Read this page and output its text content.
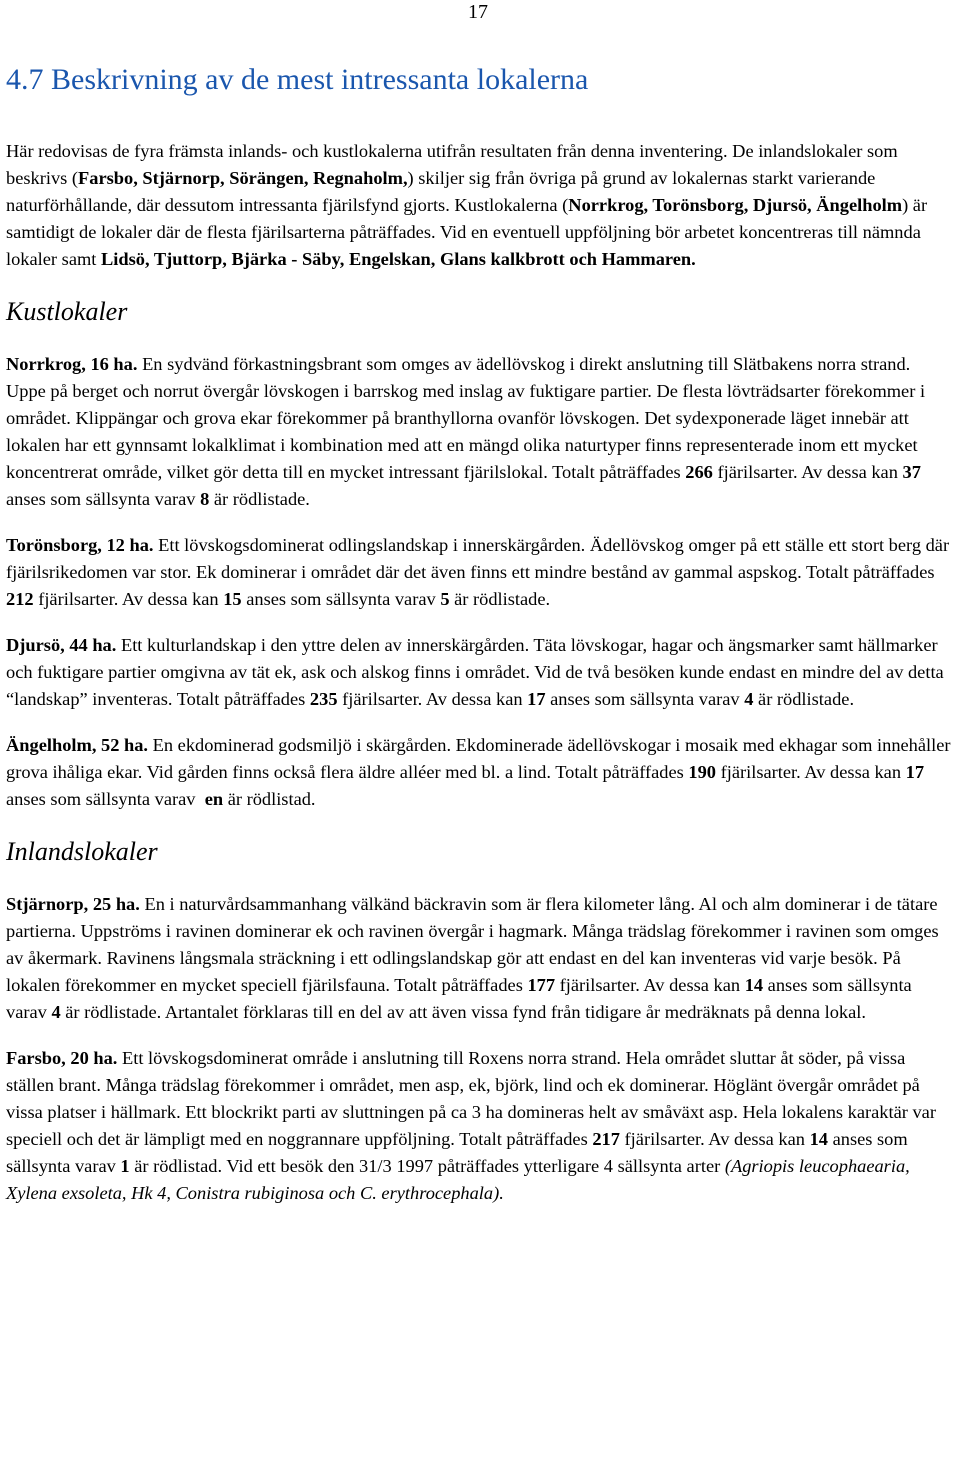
17
4.7 Beskrivning av de mest intressanta lokalerna

Här redovisas de fyra främsta inlands- och kustlokalerna utifrån resultaten från denna inventering. De inlandslokaler som beskrivs (Farsbo, Stjärnorp, Sörängen, Regnaholm,) skiljer sig från övriga på grund av lokalernas starkt varierande naturförhållande, där dessutom intressanta fjärilsfynd gjorts. Kustlokalerna (Norrkrog, Torönsborg, Djursö, Ängelholm) är samtidigt de lokaler där de flesta fjärilsarterna påträffades. Vid en eventuell uppföljning bör arbetet koncentreras till nämnda lokaler samt Lidsö, Tjuttorp, Bjärka - Säby, Engelskan, Glans kalkbrott och Hammaren.

Kustlokaler

Norrkrog, 16 ha. En sydvänd förkastningsbrant som omges av ädellövskog i direkt anslutning till Slätbakens norra strand. Uppe på berget och norrut övergår lövskogen i barrskog med inslag av fuktigare partier. De flesta lövträdsarter förekommer i området. Klippängar och grova ekar förekommer på branthyllorna ovanför lövskogen. Det sydexponerade läget innebär att lokalen har ett gynnsamt lokalklimat i kombination med att en mängd olika naturtyper finns representerade inom ett mycket koncentrerat område, vilket gör detta till en mycket intressant fjärilslokal. Totalt påträffades 266 fjärilsarter. Av dessa kan 37 anses som sällsynta varav 8 är rödlistade.

Torönsborg, 12 ha. Ett lövskogsdominerat odlingslandskap i innerskärgården. Ädellövskog omger på ett ställe ett stort berg där fjärilsrikedomen var stor. Ek dominerar i området där det även finns ett mindre bestånd av gammal aspskog. Totalt påträffades 212 fjärilsarter. Av dessa kan 15 anses som sällsynta varav 5 är rödlistade.

Djursö, 44 ha. Ett kulturlandskap i den yttre delen av innerskärgården. Täta lövskogar, hagar och ängsmarker samt hällmarker och fuktigare partier omgivna av tät ek, ask och alskog finns i området. Vid de två besöken kunde endast en mindre del av detta “landskap” inventeras. Totalt påträffades 235 fjärilsarter. Av dessa kan 17 anses som sällsynta varav 4 är rödlistade.

Ängelholm, 52 ha. En ekdominerad godsmiljö i skärgården. Ekdominerade ädellövskogar i mosaik med ekhagar som innehåller grova ihåliga ekar. Vid gården finns också flera äldre alléer med bl. a lind. Totalt påträffades 190 fjärilsarter. Av dessa kan 17 anses som sällsynta varav  en är rödlistad.

Inlandslokaler

Stjärnorp, 25 ha. En i naturvårdsammanhang välkänd bäckravin som är flera kilometer lång. Al och alm dominerar i de tätare partierna. Uppströms i ravinen dominerar ek och ravinen övergår i hagmark. Många trädslag förekommer i ravinen som omges av åkermark. Ravinens långsmala sträckning i ett odlingslandskap gör att endast en del kan inventeras vid varje besök. På lokalen förekommer en mycket speciell fjärilsfauna. Totalt påträffades 177 fjärilsarter. Av dessa kan 14 anses som sällsynta varav 4 är rödlistade. Artantalet förklaras till en del av att även vissa fynd från tidigare år medräknats på denna lokal.

Farsbo, 20 ha. Ett lövskogsdominerat område i anslutning till Roxens norra strand. Hela området sluttar åt söder, på vissa ställen brant. Många trädslag förekommer i området, men asp, ek, björk, lind och ek dominerar. Höglänt övergår området på vissa platser i hällmark. Ett blockrikt parti av sluttningen på ca 3 ha domineras helt av småväxt asp. Hela lokalens karaktär var speciell och det är lämpligt med en noggrannare uppföljning. Totalt påträffades 217 fjärilsarter. Av dessa kan 14 anses som sällsynta varav 1 är rödlistad. Vid ett besök den 31/3 1997 påträffades ytterligare 4 sällsynta arter (Agriopis leucophaearia, Xylena exsoleta, Hk 4, Conistra rubiginosa och C. erythrocephala).
